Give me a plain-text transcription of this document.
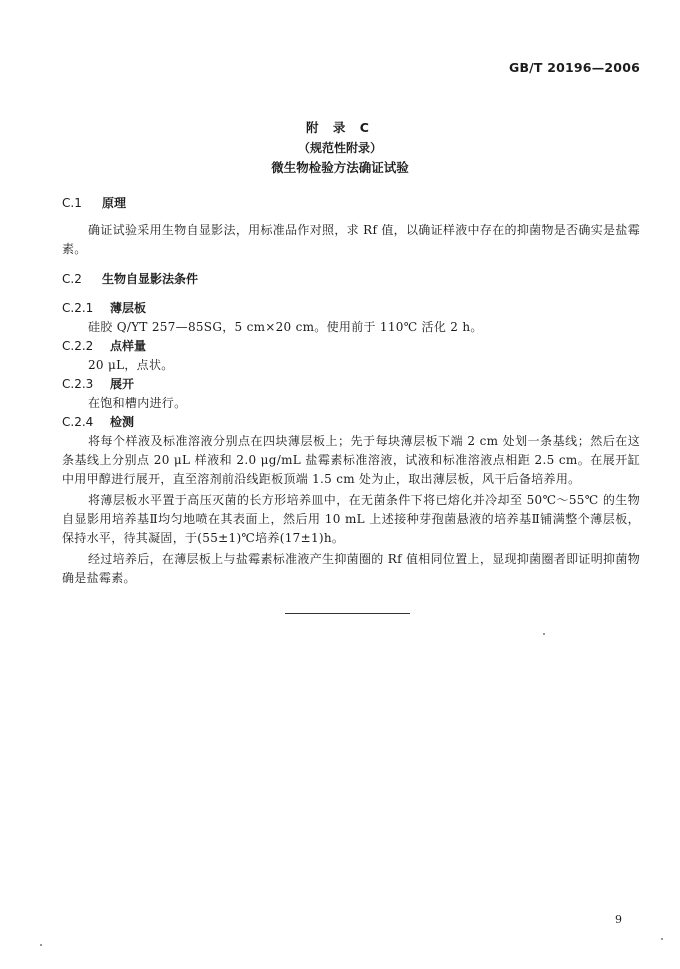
GB/T 20196—2006
附 录 C
（规范性附录）
微生物检验方法确证试验
C.1 原理
确证试验采用生物自显影法，用标准品作对照，求 Rf 值，以确证样液中存在的抑菌物是否确实是盐霉素。
C.2 生物自显影法条件
C.2.1 薄层板
硅胶 Q/YT 257—85SG，5 cm×20 cm。使用前于 110℃ 活化 2 h。
C.2.2 点样量
20 μL，点状。
C.2.3 展开
在饱和槽内进行。
C.2.4 检测
将每个样液及标准溶液分别点在四块薄层板上；先于每块薄层板下端 2 cm 处划一条基线；然后在这条基线上分别点 20 μL 样液和 2.0 μg/mL 盐霉素标准溶液，试液和标准溶液点相距 2.5 cm。在展开缸中用甲醇进行展开，直至溶剂前沿线距板顶端 1.5 cm 处为止，取出薄层板，风干后备培养用。
将薄层板水平置于高压灭菌的长方形培养皿中，在无菌条件下将已熔化并冷却至 50℃～55℃ 的生物自显影用培养基Ⅱ均匀地喷在其表面上，然后用 10 mL 上述接种芽孢菌悬液的培养基Ⅱ铺满整个薄层板，保持水平，待其凝固，于(55±1)℃培养(17±1)h。
经过培养后，在薄层板上与盐霉素标准液产生抑菌圈的 Rf 值相同位置上，显现抑菌圈者即证明抑菌物确是盐霉素。
9
